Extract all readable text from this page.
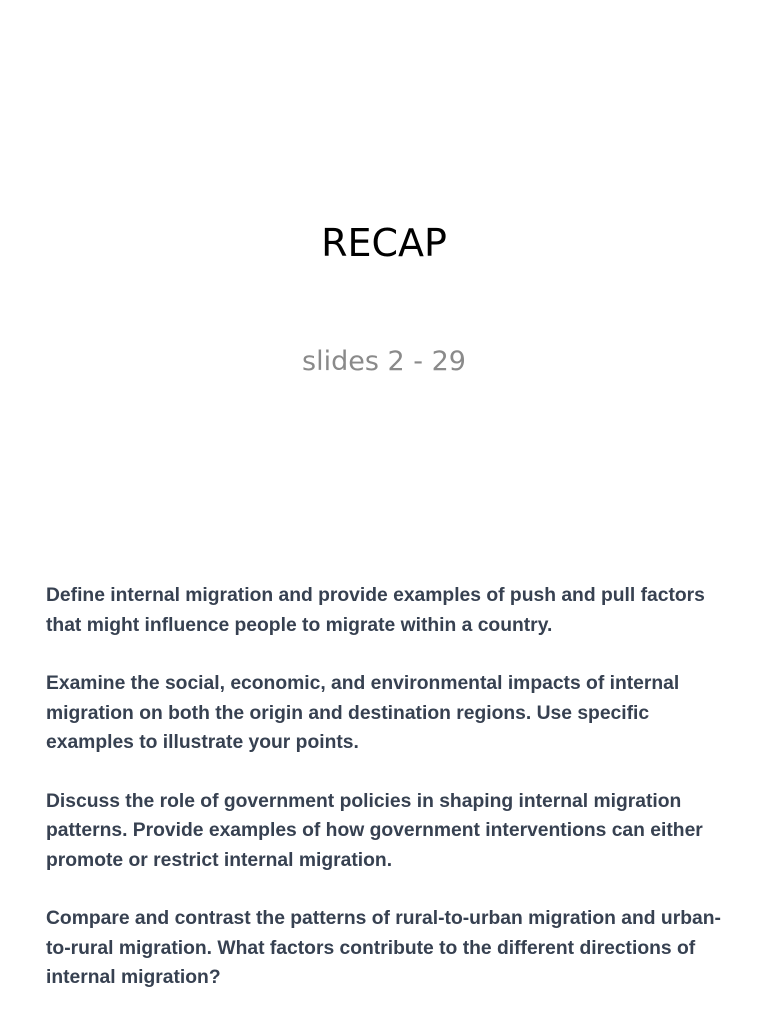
RECAP
slides 2 - 29
Define internal migration and provide examples of push and pull factors that might influence people to migrate within a country.
Examine the social, economic, and environmental impacts of internal migration on both the origin and destination regions. Use specific examples to illustrate your points.
Discuss the role of government policies in shaping internal migration patterns. Provide examples of how government interventions can either promote or restrict internal migration.
Compare and contrast the patterns of rural-to-urban migration and urban-to-rural migration. What factors contribute to the different directions of internal migration?
